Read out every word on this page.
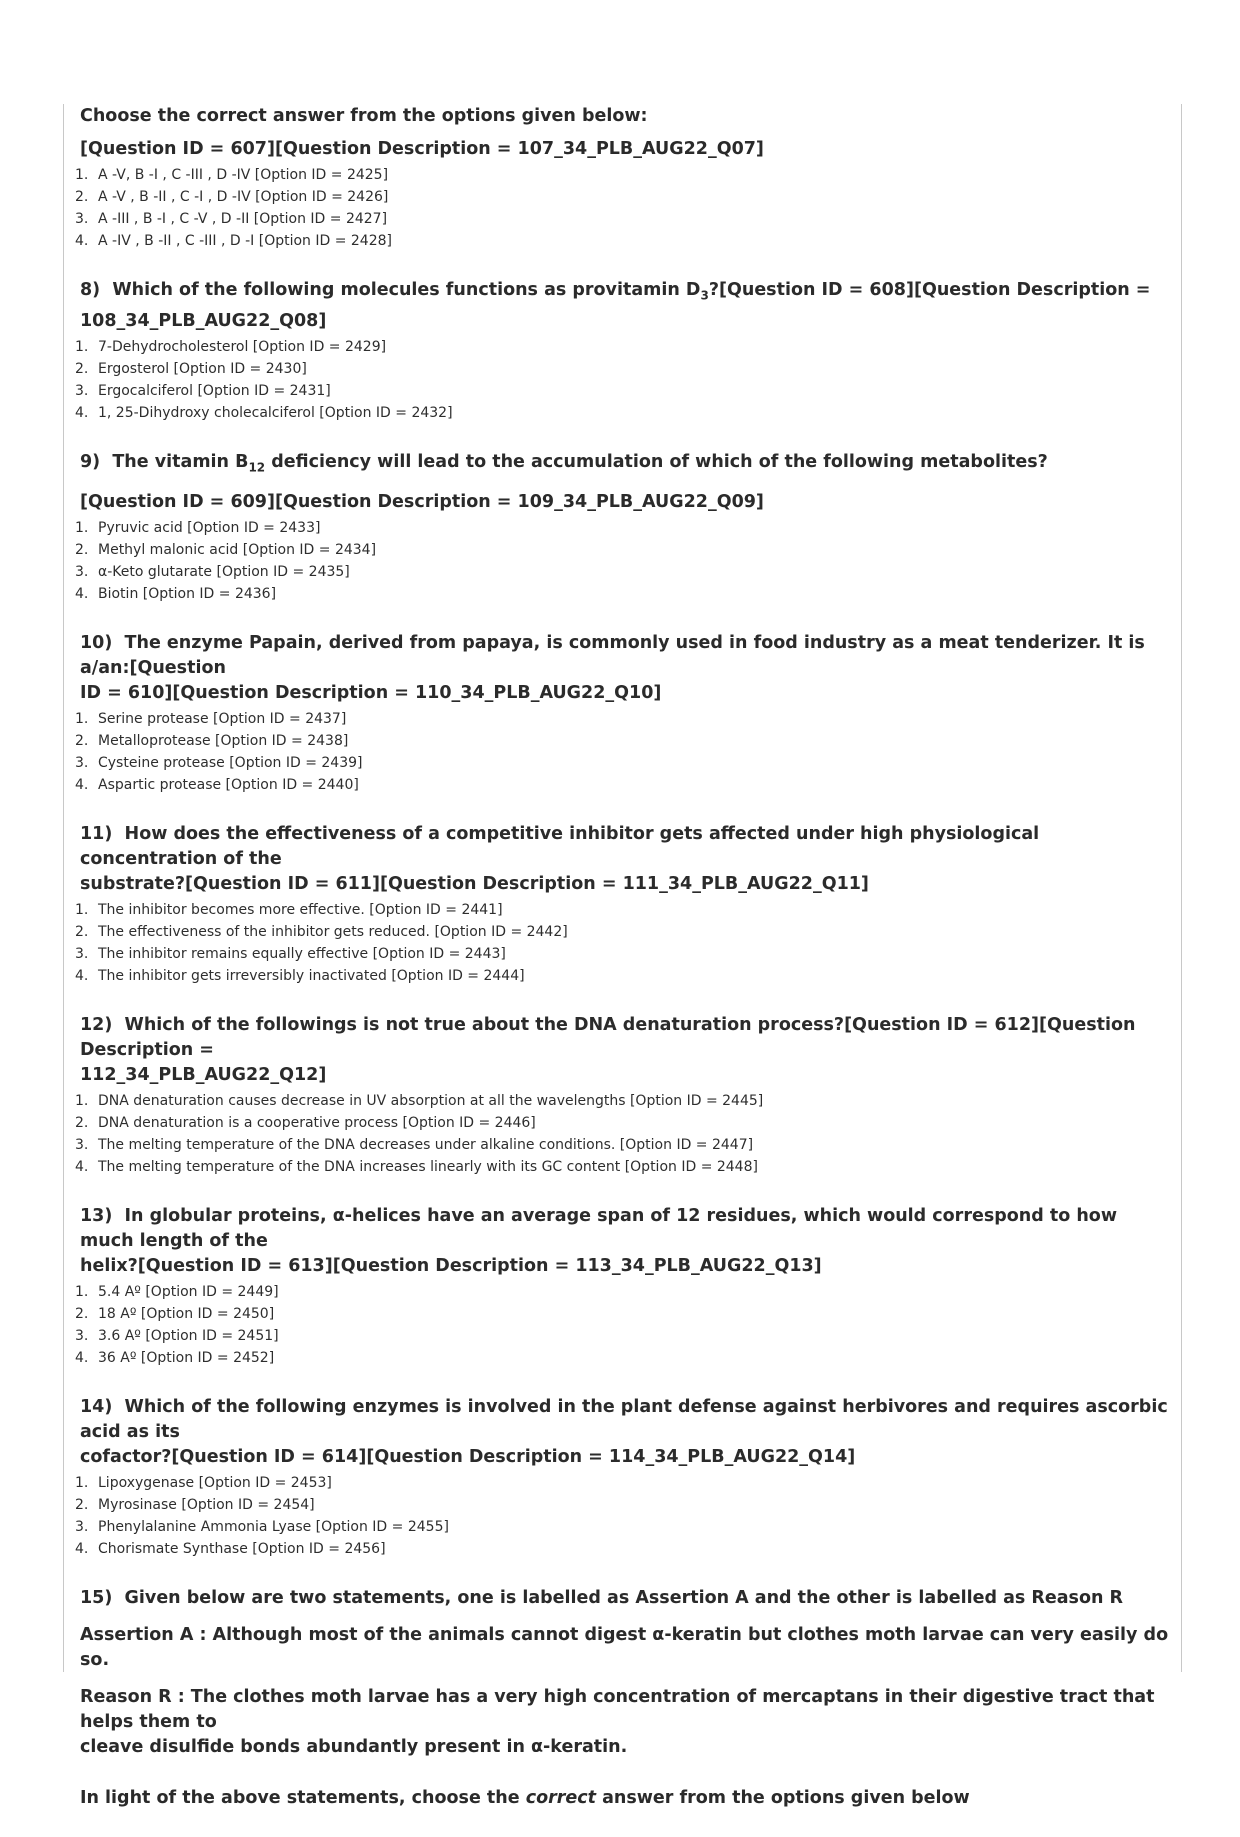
Choose the correct answer from the options given below:

[Question ID = 607][Question Description = 107_34_PLB_AUG22_Q07]

1. A -V, B -I , C -III , D -IV [Option ID = 2425]
2. A -V , B -II , C -I , D -IV [Option ID = 2426]
3. A -III , B -I , C -V , D -II [Option ID = 2427]
4. A -IV , B -II , C -III , D -I [Option ID = 2428]

8) Which of the following molecules functions as provitamin $D_3?[Question$ ID = 608][Question Description =

108_34_PLB_AUG22_Q08]

1. 7-Dehydrocholesterol [Option ID = 2429]
2. Ergosterol [Option ID = 2430]
3. Ergocalciferol [Option ID = 2431]
4. 1, 25-Dihydroxy cholecalciferol [Option ID = 2432]

9) The vitamin $B_{12}$ deficiency will lead to the accumulation of which of the following metabolites?

[Question ID = 609][Question Description = 109_34_PLB_AUG22_Q09]

1. Pyruvic acid [Option ID = 2433]
2. Methyl malonic acid [Option ID = 2434]
3. α-Keto glutarate [Option ID = 2435]
4. Biotin [Option ID = 2436]

10) The enzyme Papain, derived from papaya, is commonly used in food industry as a meat tenderizer. It is a/an:[Question

ID = 610][Question Description = 110_34_PLB_AUG22_Q10]

1. Serine protease [Option ID = 2437]
2. Metalloprotease [Option ID = 2438]
3. Cysteine protease [Option ID = 2439]
4. Aspartic protease [Option ID = 2440]

11) How does the effectiveness of a competitive inhibitor gets affected under high physiological concentration of the

substrate?[Question ID = 611][Question Description = 111_34_PLB_AUG22_Q11]

1. The inhibitor becomes more effective. [Option ID = 2441]
2. The effectiveness of the inhibitor gets reduced. [Option ID = 2442]
3. The inhibitor remains equally effective [Option ID = 2443]
4. The inhibitor gets irreversibly inactivated [Option ID = 2444]

12) Which of the followings is not true about the DNA denaturation process?[Question ID = 612][Question Description =

112_34_PLB_AUG22_Q12]

1. DNA denaturation causes decrease in UV absorption at all the wavelengths [Option ID = 2445]
2. DNA denaturation is a cooperative process [Option ID = 2446]
3. The melting temperature of the DNA decreases under alkaline conditions. [Option ID = 2447]
4. The melting temperature of the DNA increases linearly with its GC content [Option ID = 2448]

13) In globular proteins, α-helices have an average span of 12 residues, which would correspond to how much length of the

helix?[Question ID = 613][Question Description = 113_34_PLB_AUG22_Q13]

1. 5.4 Aº [Option ID = 2449]
2. 18 Aº [Option ID = 2450]
3. 3.6 Aº [Option ID = 2451]
4. 36 Aº [Option ID = 2452]

14) Which of the following enzymes is involved in the plant defense against herbivores and requires ascorbic acid as its

cofactor?[Question ID = 614][Question Description = 114_34_PLB_AUG22_Q14]

1. Lipoxygenase [Option ID = 2453]
2. Myrosinase [Option ID = 2454]
3. Phenylalanine Ammonia Lyase [Option ID = 2455]
4. Chorismate Synthase [Option ID = 2456]

15) Given below are two statements, one is labelled as Assertion A and the other is labelled as Reason R

Assertion A : Although most of the animals cannot digest α-keratin but clothes moth larvae can very easily do so.

Reason R : The clothes moth larvae has a very high concentration of mercaptans in their digestive tract that helps them to

cleave disulfide bonds abundantly present in α-keratin.

In light of the above statements, choose the correct answer from the options given below
